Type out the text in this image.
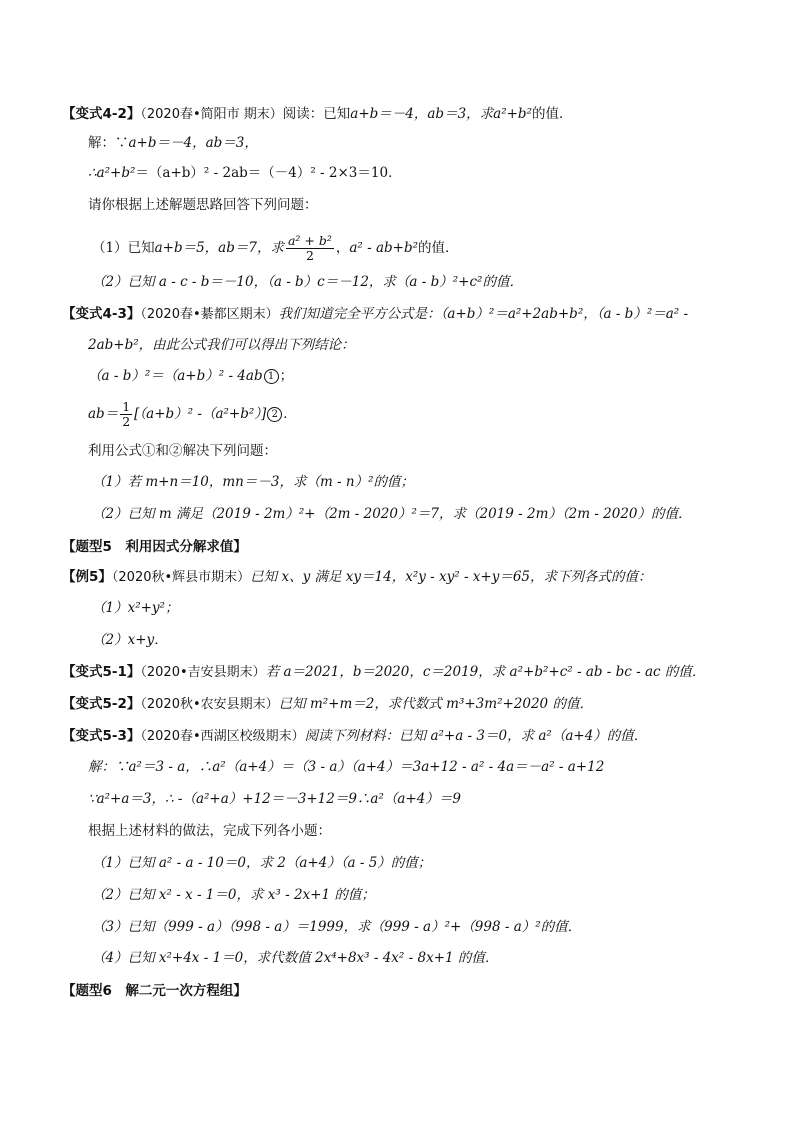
【变式4-2】（2020春•简阳市 期末）阅读：已知a+b＝－4，ab＝3，求a²+b²的值．
解：∵a+b＝－4，ab＝3，
∴a²+b²＝（a+b）² - 2ab＝（－4）² - 2×3＝10．
请你根据上述解题思路回答下列问题：
（1）已知a+b＝5，ab＝7，求 $\frac{\text{a² + b²}}{2}$ ，a² - ab+b²的值．
（2）已知 a - c - b＝－10，（a - b）c＝－12，求（a - b）²+c²的值．
【变式4-3】（2020春•綦都区期末）我们知道完全平方公式是：（a+b）²＝a²+2ab+b²，（a - b）²＝a² -
2ab+b²，由此公式我们可以得出下列结论：
（a - b）²＝（a+b）² - 4ab 1 ；
$ab= \frac{1}{2} [(a+b)^2$ -（a²+b²）] 2 ．
利用公式①和②解决下列问题：
（1）若 m+n＝10，mn＝－3，求（m - n）²的值；
（2）已知 m 满足（2019 - 2m）²+（2m - 2020）²＝7，求（2019 - 2m）（2m - 2020）的值．
【题型5　利用因式分解求值】
【例5】（2020秋•辉县市期末）已知 x、y 满足 xy＝14，x²y - xy² - x+y＝65，求下列各式的值：
（1）x²+y²；
（2）x+y．
【变式5-1】（2020•吉安县期末）若 a＝2021，b＝2020，c＝2019，求 a²+b²+c² - ab - bc - ac 的值．
【变式5-2】（2020秋•农安县期末）已知 m²+m＝2，求代数式 m³+3m²+2020 的值．
【变式5-3】（2020春•西湖区校级期末）阅读下列材料：已知 a²+a - 3＝0，求 a²（a+4）的值．
解：∵a²＝3 - a，∴a²（a+4）＝（3 - a）（a+4）＝3a+12 - a² - 4a＝－a² - a+12
∵a²+a＝3，∴ -（a²+a）+12＝－3+12＝9∴a²（a+4）＝9
根据上述材料的做法，完成下列各小题：
（1）已知 a² - a - 10＝0，求 2（a+4）（a - 5）的值；
（2）已知 x² - x - 1＝0，求 x³ - 2x+1 的值；
（3）已知（999 - a）（998 - a）＝1999，求（999 - a）²+（998 - a）²的值．
（4）已知 x²+4x - 1＝0，求代数值 2x⁴+8x³ - 4x² - 8x+1 的值．
【题型6　解二元一次方程组】
